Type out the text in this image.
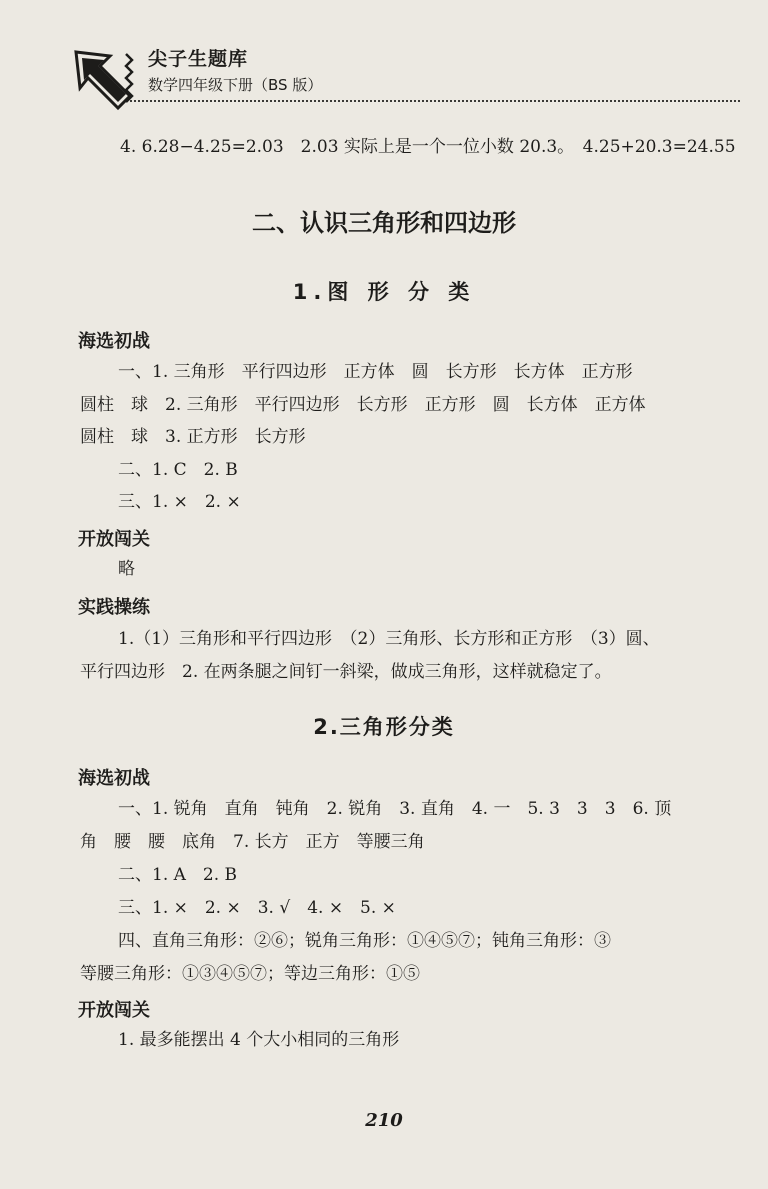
尖子生题库
数学四年级下册（BS 版）
4. 6.28−4.25=2.03　2.03 实际上是一个一位小数 20.3。　4.25+20.3=24.55
二、认识三角形和四边形
1.图 形 分 类
海选初战
一、1. 三角形　平行四边形　正方体　圆　长方形　长方体　正方形
圆柱　球　2. 三角形　平行四边形　长方形　正方形　圆　长方体　正方体
圆柱　球　3. 正方形　长方形
二、1. C　2. B
三、1. ×　2. ×
开放闯关
略
实践操练
1.（1）三角形和平行四边形　（2）三角形、长方形和正方形　（3）圆、
平行四边形　2. 在两条腿之间钉一斜梁，做成三角形，这样就稳定了。
2.三角形分类
海选初战
一、1. 锐角　直角　钝角　2. 锐角　3. 直角　4. 一　5. 3　3　3　6. 顶
角　腰　腰　底角　7. 长方　正方　等腰三角
二、1. A　2. B
三、1. ×　2. ×　3. √　4. ×　5. ×
四、直角三角形：②⑥；锐角三角形：①④⑤⑦；钝角三角形：③
等腰三角形：①③④⑤⑦；等边三角形：①⑤
开放闯关
1. 最多能摆出 4 个大小相同的三角形
210
